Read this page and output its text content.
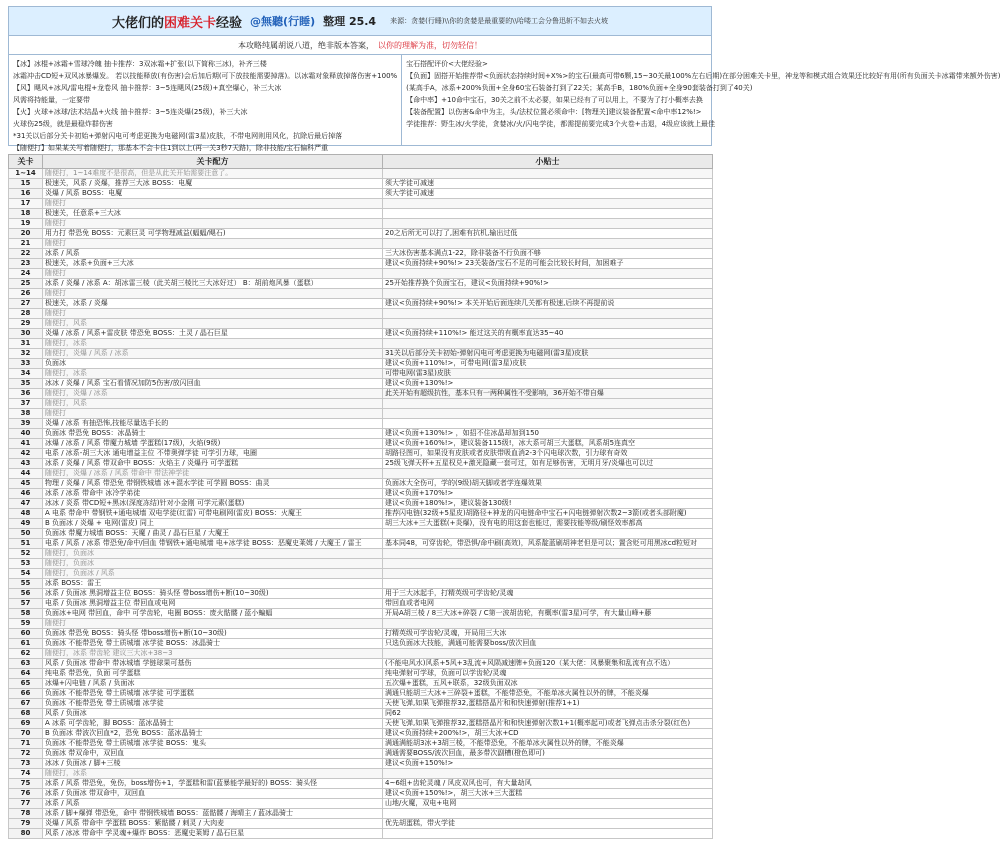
大佬们的困难关卡经验 @無聽(行睡) 整理 25.4 来源：贪婪(行睡)\\你的贪婪是最重要的\\哈喽工会分鲁迅斩不如去火坡
本攻略纯属胡说八道，绝非版本答案， 以你的理解为准，切勿轻信！
【冰】冰棍+冰霜+雪球冷魄 抽卡推荐：3双冰霜+扩张(以下简称三冰)，补齐三楼
冰霜冲击CD短+双风冰暴爆发。 若以技能释放(有伤害)会后加后期(可下放技能需要掉落)。以冰霜对象释放掉落伤害+100%
【风】飓风+冰风/雷电棍+龙卷风 抽卡推荐：3~5连飓风(25级)+真空爆心，补三大冰
风需将持能量，一定要带
【火】火球+冰球/法术结晶+火线 抽卡推荐：3~5连炎爆(25级)，补三大冰
火球伤25级，就是最稳炸群伤害
*31关以后部分关卡初始+弹射闪电可考虑更换为电磁网(雷3星)皮肤，不带电网则用风化，抗除后最后掉落
【随便打】如果某关写着随便打，那基本不会卡住1到以上(再一关3秒7天路)，除非技能/宝石偏科严重
宝石搭配评价<大佬经验>
【负面】固搭开始推荐带<负面状态持续时间+X%>的宝石(最高可带6颗,15~30关最100%左右后期)在部分困难关卡里，神龙等和模式组合效果还比较好有用(所有负面关卡冰霜带来额外伤害)
(某高手A，冰系+200%负面+全身60宝石装备打到了22关；某高手B，180%负面+全身90套装备打到了40关)
【命中率】+10命中宝石，30关之前不太必要，如果已经有了可以用上，不要为了打小概率去换
【装备配置】以伤害&命中为主，头/法杖位置必须命中：[物理关]建议装备配置<命中率12%!>
学徒推荐：野生冰/火学徒，贪婪冰/火/闪电学徒，都需提前要完成3个火卷+击退，4级应该就上最佳
关卡	关卡配方	小贴士
1~14	随便打，1~14难度不是很高，但是从此关开始需要注意了。	
15	极速关，风系 / 炎爆，推荐三大冰 BOSS：电魔	须大学徒可减速
16	炎爆 / 风系 BOSS：电魔	须大学徒可减速
17	随便打	
18	极速关，任意系+三大冰	
19	随便打	
20	用力打 带恐免 BOSS：元素巨灵 可学物理减益(蝠蝠/飓石)	20之后所无可以打了,困难有抗机,输出过低
21	随便打	
22	冰系 / 风系	三大冰伤害基本满点1-22，除非装备不行负面不够
23	极速关，冰系+负面+三大冰	建议<负面持续+90%!> 23关装备/宝石不足的可能会比较长时间，加困难子
24	随便打	
25	冰系 / 炎爆 / 冰系 A：胡冰雷三棱（此关胡三棱比三大冰好过） B：胡前炮风暴（蛋糕）	25开始推荐换个负面宝石，建议<负面持续+90%!>
26	随便打	
27	极速关，冰系 / 炎爆	建议<负面持续+90%!> 本关开始后面连续几关都有极速,后续不再提前说
28	随便打	
29	随便打，风系	
30	炎爆 / 冰系 / 风系+雷皮肤 带恐免 BOSS：土灵 / 晶石巨星	建议<负面持续+110%!> 能过这关的有概率直达35~40
31	随便打，冰系	
32	随便打，炎爆 / 风系 / 冰系	31关以后部分关卡初始-弹射闪电可考虑更换为电磁网(雷3星)皮肤
33	负面冰	建议<负面+110%!>，可带电网(雷3星)皮肤
34	随便打，冰系	可带电网(雷3星)皮肤
35	冰冰 / 炎爆 / 风系 宝石看情况加防5伤害/放闪回血	建议<负面+130%!>
36	随便打，炎爆 / 冰系	此关开始有超级抗性，基本只有一两种属性不受影响，36开始不带自爆
37	随便打，风系	
38	随便打	
39	炎爆 / 冰系 有抽恐怖,技能尽量选手长的	
40	负面冰 带恐免 BOSS：冰晶骑士	建议<负面+130%!> ，如招不住冰晶却加到150
41	冰爆 / 冰系 / 风系 带魔力城墙 学蛋糕(17级)，火焰(9级)	建议<负面+160%!>，建议装备115级!，冰大系可胡三大蛋糕，风系胡5连真空
42	电系 / 冰系-胡三大冰 通电增益主位 不带奥弹学徒 可学引力球，电圈	胡路径图可，如果没有皮肤或者皮肤带吸血消2-3个闪电球次数，引力球有奇效
43	冰系 / 炎爆 / 风系 带双命中 BOSS：火焰主 / 炎爆丹 可学蛋糕	25级飞弹天杯+五星权兑+激光隐藏一套可过，如有足够伤害，无明月牙/炎爆也可以过
44	随便打，炎爆 / 冰系 / 风系 带命中 带法神学徒	
45	物理 / 炎爆 / 风系 带恐免 带钢铁城墙 冰+混水学徒 可学圆 BOSS：曲灵	负面冰大全伤可，学的(9级)胡天脚或者学连爆效果
46	冰系 / 冰系 带命中 冰冷学弟徒	建议<负面+170%!>
47	冰冰 / 炎系 带CD短+黑冰(深度冻结)针对小金刚 可学元素(蛋糕)	建议<负面+180%!>，建议装备130级!
48	A 电系 带命中 带钢铁+通电城墙 双电学徒(红雷) 可带电刷网(雷皮) BOSS：火魔王	推荐闪电链(32级+5星皮)胡路径+神龙的闪电链命中宝石+闪电链弹射次数2~3箭(或者头部附魔)
49	B 负面冰 / 炎爆 + 电网(雷皮) 同上	胡三大冰+三大蛋糕(+炎爆)，没有电的用这套也能过，需要技能等级/刷怪效率都高
50	负面冰 带魔力城墙 BOSS：天魔 / 曲灵 / 晶石巨星 / 大魔王	
51	电系 / 风系 / 冰系 带恐免/命中/回血 带钢铁+通电城墙 电+冰学徒 BOSS：恶魔史莱姆 / 大魔王 / 雷王	基本同48，可穿齿轮，带恐惧/命中刷(高效)，风系靛蓝刷胡神老但是可以；置含贬可用黑冰cd粒短对
52	随便打，负面冰	
53	随便打，负面冰	
54	随便打，负面冰 / 风系	
55	冰系 BOSS：雷王	
56	冰系 / 负面冰 黑洞增益主位 BOSS：骑头怪 带boss增伤+断(10~30级)	用于三大冰起手，打精英级可学齿轮/灵魂
57	电系 / 负面冰 黑洞增益主位 带回血或电网	带回血或者电网
58	负面冰+电网 带回血，命中 可学齿轮，电圈 BOSS：废火骷髅 / 蓝小蝙蝠	开局A胡三棱 / 8三大冰+碎裂 / C第一波胡齿轮，有概率(雷3星)可学，有大量山峰+藤
59	随便打	
60	负面冰 带恐免 BOSS：骑头怪 带boss增伤+断(10~30级)	打精英级可学齿轮/灵魂，开局用三大冰
61	负面冰 不能带恐免 带土质城墙 冰学徒 BOSS：冰晶骑士	只选负面冰大技能，满通可能需要boss/放次回血
62	随便打，冰系 带齿轮 建议三大冰+38~3	
63	风系 / 负面冰 带命中 带冰城墙 学链球果可基伤	(不能电风水)风系+5风+3乱流+风陨减速牌+负面120（某大佬：风暴聚集和乱流有点不选）
64	纯电系 带恐免，负面 可学蛋糕	纯电弹射可学球，负面可以学齿轮/灵魂
65	冰爆+闪电链 / 风系 / 负面冰	五次爆+蛋糕，五风+联系，32级负面双冰
66	负面冰 不能带恐免 带土质城墙 冰学徒 可学蛋糕	满通只能胡三大冰+三碎裂+蛋糕，不能带恐免，不能单冰火属性以外的牌，不能炎爆
67	负面冰 不能带恐免 带土质城墙 冰学徒	天使飞弹,如果飞弹推荐32,蛋糕搭晶片和和快速弹射(推荐1+1)
68	风系 / 负面冰	同62
69	A 冰系 可学齿轮，脚 BOSS：蓝冰晶骑士	天使飞弹,如果飞弹推荐32,蛋糕搭晶片和和快速弹射次数1+1(概率起可)或者飞弹点击杀分裂(红色)
70	B 负面冰 带波次回血*2，恐免 BOSS：蓝冰晶骑士	建议<负面持续+200%!>，胡三大冰+CD
71	负面冰 不能带恐免 带土质城墙 冰学徒 BOSS：鬼头	满通满能胡3冰+3胡三棱，不能带恐免，不能单冰火属性以外的牌，不能炎爆
72	负面冰 带双命中，双回血	满通需要BOSS/波次回血，最多带次副槽(橙色即可)
73	冰冰 / 负面冰 / 脚+三棱	建议<负面+150%!>
74	随便打，冰系	
75	冰系 / 风系 带恐免，免伤，boss增伤+1，学蛋糕和雷(蓝暴能学最好的) BOSS：骑头怪	4~6组+齿轮灵魂 / 风皮双风也可，有大量劫风
76	冰系 / 负面冰 带双命中，双回血	建议<负面+150%!>，胡三大冰+三大蛋糕
77	冰系 / 风系	山地/火魔，双电+电网
78	冰系 / 脚+爆弹 带恐免，命中 带钢铁城墙 BOSS：蓝骷髅 / 海晴主 / 蓝冰晶骑士	
79	炎爆 / 风系 带命中 学蛋糕 BOSS：紫骷髅 / 刺灵 / 大肉麦	优先胡蛋糕，带火学徒
80	风系 / 冰冰 带命中 学灵魂+爆炸 BOSS：恶魔史莱姆 / 晶石巨星	
